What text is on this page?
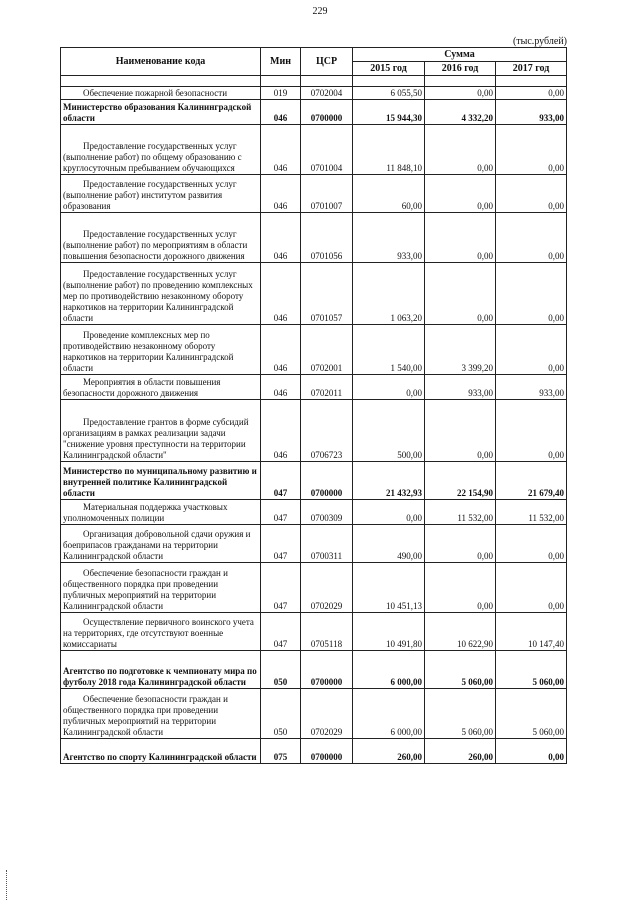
229
(тыс.рублей)
Наименование кода	Мин	ЦСР	Сумма		
			2015 год	2016 год	2017 год

Обеспечение пожарной безопасности	019	0702004	6 055,50	0,00	0,00
Министерство образования Калининградской области	046	0700000	15 944,30	4 332,20	933,00
Предоставление государственных услуг (выполнение работ) по общему образованию с круглосуточным пребыванием обучающихся	046	0701004	11 848,10	0,00	0,00
Предоставление государственных услуг (выполнение работ) институтом развития образования	046	0701007	60,00	0,00	0,00
Предоставление государственных услуг (выполнение работ) по мероприятиям в области повышения безопасности дорожного движения	046	0701056	933,00	0,00	0,00
Предоставление государственных услуг (выполнение работ) по проведению комплексных мер по противодействию незаконному обороту наркотиков на территории Калининградской области	046	0701057	1 063,20	0,00	0,00
Проведение комплексных мер по противодействию незаконному обороту наркотиков на территории Калининградской области	046	0702001	1 540,00	3 399,20	0,00
Мероприятия в области повышения безопасности дорожного движения	046	0702011	0,00	933,00	933,00
Предоставление грантов в форме субсидий организациям в рамках реализации задачи "снижение уровня преступности на территории Калининградской области"	046	0706723	500,00	0,00	0,00
Министерство по муниципальному развитию и внутренней политике Калининградской области	047	0700000	21 432,93	22 154,90	21 679,40
Материальная поддержка участковых уполномоченных полиции	047	0700309	0,00	11 532,00	11 532,00
Организация добровольной сдачи оружия и боеприпасов гражданами на территории Калининградской области	047	0700311	490,00	0,00	0,00
Обеспечение безопасности граждан и общественного порядка при проведении публичных мероприятий на территории Калининградской области	047	0702029	10 451,13	0,00	0,00
Осуществление первичного воинского учета на территориях, где отсутствуют военные комиссариаты	047	0705118	10 491,80	10 622,90	10 147,40
Агентство по подготовке к чемпионату мира по футболу 2018 года Калининградской области	050	0700000	6 000,00	5 060,00	5 060,00
Обеспечение безопасности граждан и общественного порядка при проведении публичных мероприятий на территории Калининградской области	050	0702029	6 000,00	5 060,00	5 060,00
Агентство по спорту Калининградской области	075	0700000	260,00	260,00	0,00
